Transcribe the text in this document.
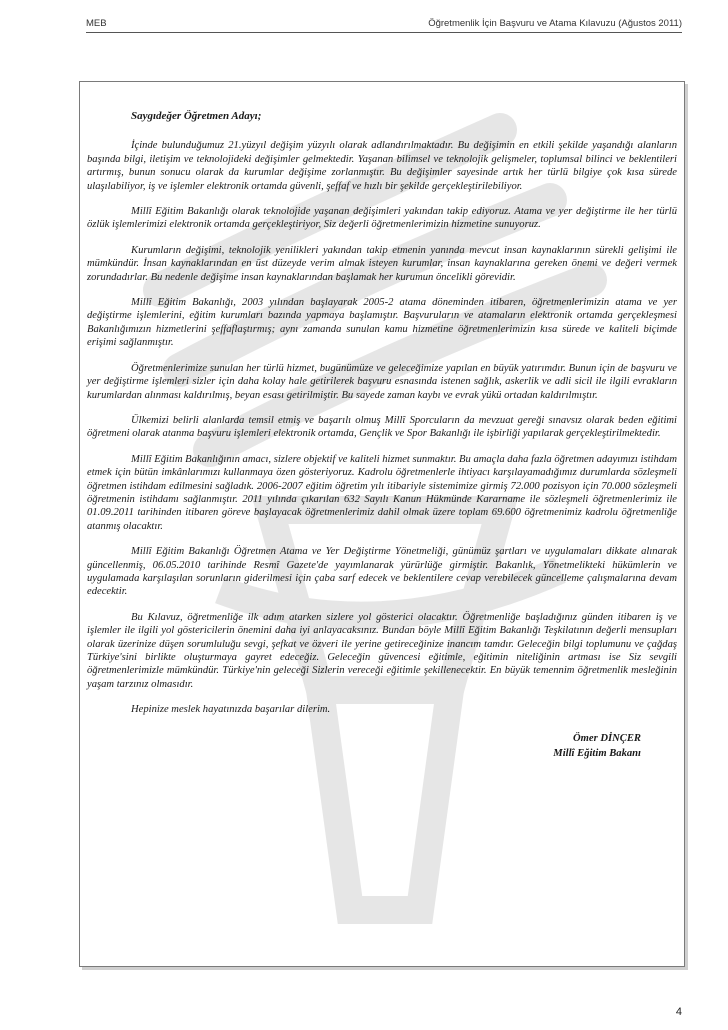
MEB	Öğretmenlik İçin Başvuru ve Atama Kılavuzu (Ağustos 2011)
Saygıdeğer Öğretmen Adayı;

İçinde bulunduğumuz 21.yüzyıl değişim yüzyılı olarak adlandırılmaktadır. Bu değişimin en etkili şekilde yaşandığı alanların başında bilgi, iletişim ve teknolojideki değişimler gelmektedir. Yaşanan bilimsel ve teknolojik gelişmeler, toplumsal bilinci ve beklentileri artırmış, bunun sonucu olarak da kurumlar değişime zorlanmıştır. Bu değişimler sayesinde artık her türlü bilgiye çok kısa sürede ulaşılabiliyor, iş ve işlemler elektronik ortamda güvenli, şeffaf ve hızlı bir şekilde gerçekleştirilebiliyor.

Millî Eğitim Bakanlığı olarak teknolojide yaşanan değişimleri yakından takip ediyoruz. Atama ve yer değiştirme ile her türlü özlük işlemlerimizi elektronik ortamda gerçekleştiriyor, Siz değerli öğretmenlerimizin hizmetine sunuyoruz.

Kurumların değişimi, teknolojik yenilikleri yakından takip etmenin yanında mevcut insan kaynaklarının sürekli gelişimi ile mümkündür. İnsan kaynaklarından en üst düzeyde verim almak isteyen kurumlar, insan kaynaklarına gereken önemi ve değeri vermek zorundadırlar. Bu nedenle değişime insan kaynaklarından başlamak her kurumun öncelikli görevidir.

Millî Eğitim Bakanlığı, 2003 yılından başlayarak 2005-2 atama döneminden itibaren, öğretmenlerimizin atama ve yer değiştirme işlemlerini, eğitim kurumları bazında yapmaya başlamıştır. Başvuruların ve atamaların elektronik ortamda gerçekleşmesi Bakanlığımızın hizmetlerini şeffaflaştırmış; aynı zamanda sunulan kamu hizmetine öğretmenlerimizin kısa sürede ve kaliteli biçimde erişimi sağlanmıştır.

Öğretmenlerimize sunulan her türlü hizmet, bugünümüze ve geleceğimize yapılan en büyük yatırımdır. Bunun için de başvuru ve yer değiştirme işlemleri sizler için daha kolay hale getirilerek başvuru esnasında istenen sağlık, askerlik ve adli sicil ile ilgili evrakların kurumlardan alınması kaldırılmış, beyan esası getirilmiştir. Bu sayede zaman kaybı ve evrak yükü ortadan kaldırılmıştır.

Ülkemizi belirli alanlarda temsil etmiş ve başarılı olmuş Millî Sporcuların da mevzuat gereği sınavsız olarak beden eğitimi öğretmeni olarak atanma başvuru işlemleri elektronik ortamda, Gençlik ve Spor Bakanlığı ile işbirliği yapılarak gerçekleştirilmektedir.

Millî Eğitim Bakanlığının amacı, sizlere objektif ve kaliteli hizmet sunmaktır. Bu amaçla daha fazla öğretmen adayımızı istihdam etmek için bütün imkânlarımızı kullanmaya özen gösteriyoruz. Kadrolu öğretmenlerle ihtiyacı karşılayamadığımız durumlarda sözleşmeli öğretmen istihdam edilmesini sağladık. 2006-2007 eğitim öğretim yılı itibariyle sistemimize girmiş 72.000 pozisyon için 70.000 sözleşmeli öğretmenin istihdamı sağlanmıştır. 2011 yılında çıkarılan 632 Sayılı Kanun Hükmünde Kararname ile sözleşmeli öğretmenlerimiz ile 01.09.2011 tarihinden itibaren göreve başlayacak öğretmenlerimiz dahil olmak üzere toplam 69.600 öğretmenimiz kadrolu öğretmenliğe atanmış olacaktır.

Millî Eğitim Bakanlığı Öğretmen Atama ve Yer Değiştirme Yönetmeliği, günümüz şartları ve uygulamaları dikkate alınarak güncellenmiş, 06.05.2010 tarihinde Resmî Gazete'de yayımlanarak yürürlüğe girmiştir. Bakanlık, Yönetmelikteki hükümlerin ve uygulamada karşılaşılan sorunların giderilmesi için çaba sarf edecek ve beklentilere cevap verebilecek güncelleme çalışmalarına devam edecektir.

Bu Kılavuz, öğretmenliğe ilk adım atarken sizlere yol gösterici olacaktır. Öğretmenliğe başladığınız günden itibaren iş ve işlemler ile ilgili yol göstericilerin önemini daha iyi anlayacaksınız. Bundan böyle Millî Eğitim Bakanlığı Teşkilatının değerli mensupları olarak üzerinize düşen sorumluluğu sevgi, şefkat ve özveri ile yerine getireceğinize inancım tamdır. Geleceğin bilgi toplumunu ve çağdaş Türkiye'sini birlikte oluşturmaya gayret edeceğiz. Geleceğin güvencesi eğitimle, eğitimin niteliğinin artması ise Siz sevgili öğretmenlerimizle mümkündür. Türkiye'nin geleceği Sizlerin vereceği eğitimle şekillenecektir. En büyük temennim öğretmenlik mesleğinin yaşam tarzınız olmasıdır.

Hepinize meslek hayatınızda başarılar dilerim.

Ömer DİNÇER
Millî Eğitim Bakanı
4
